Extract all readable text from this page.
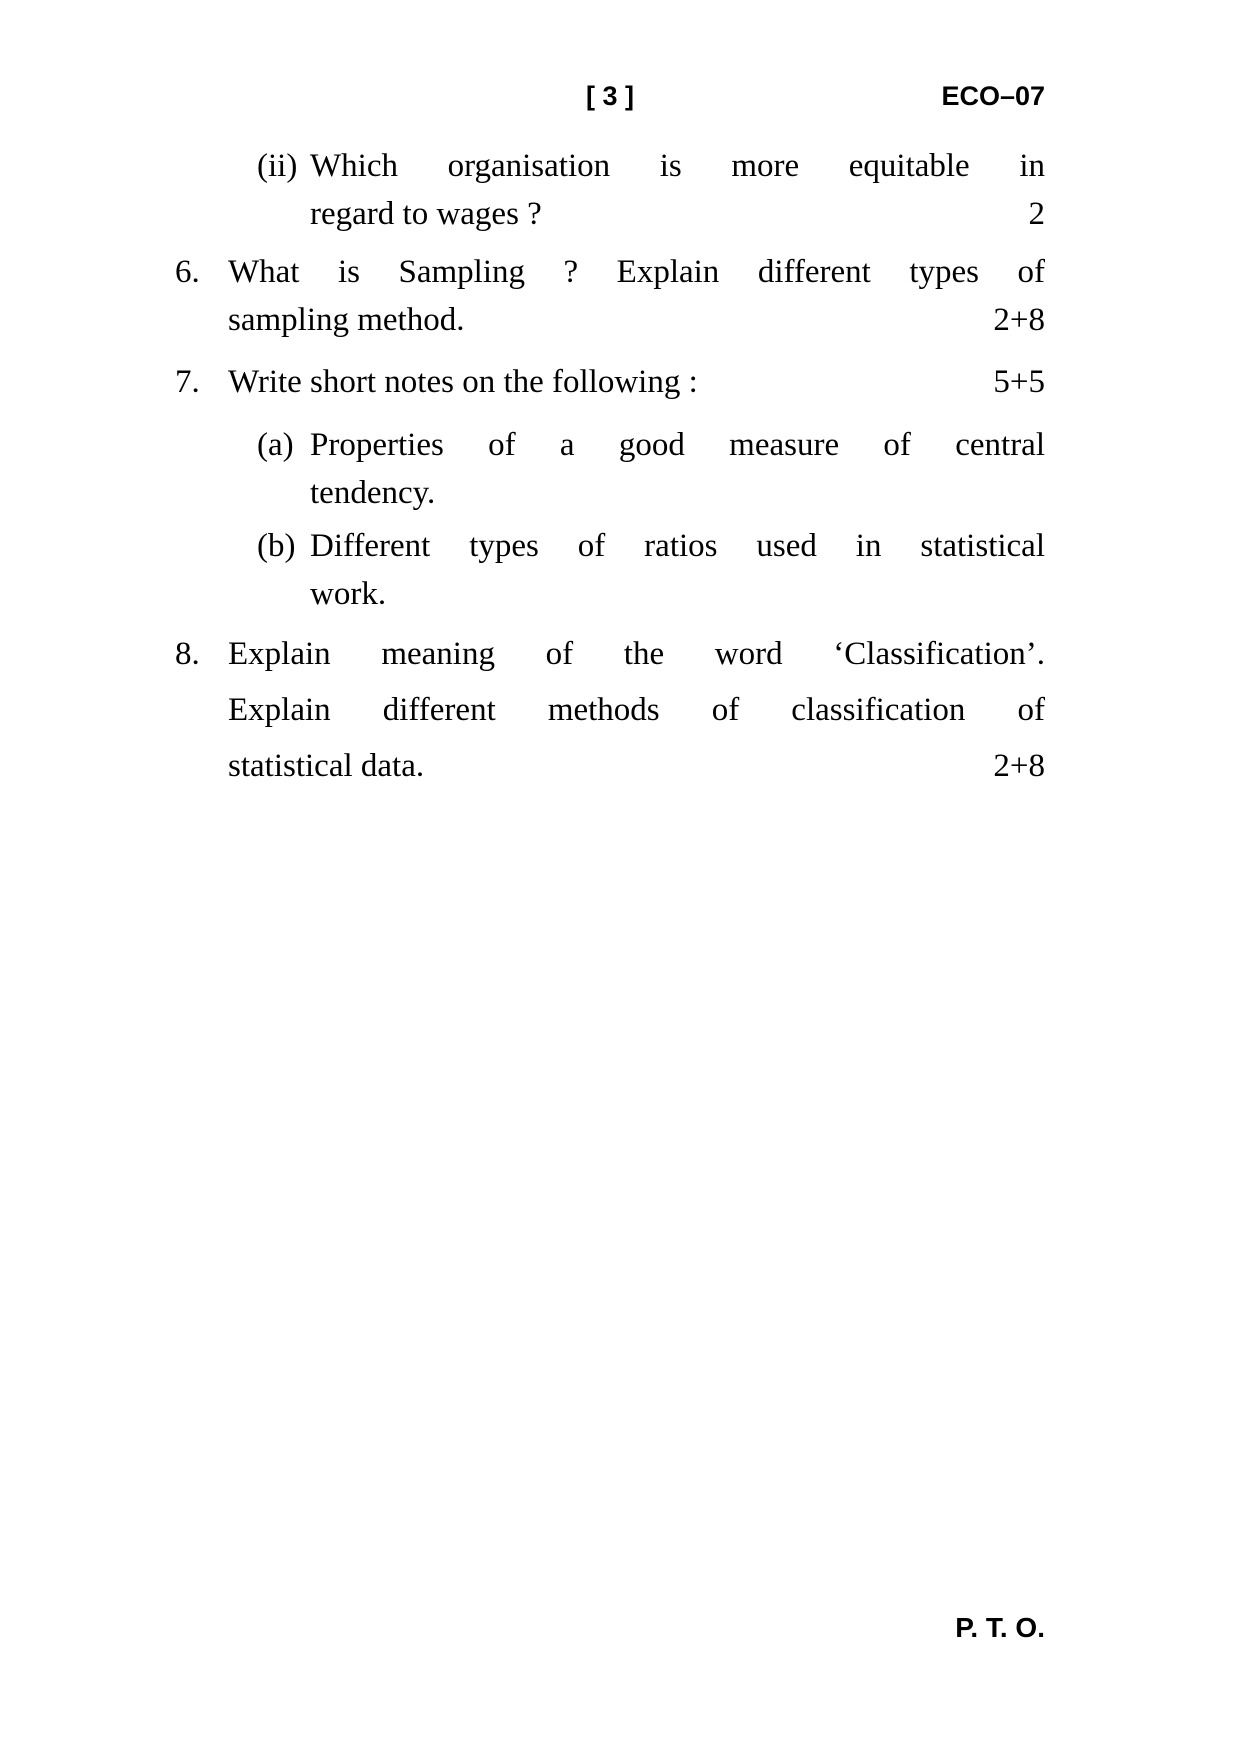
[ 3 ]	ECO–07
(ii) Which organisation is more equitable in
regard to wages ?	2
6. What is Sampling ? Explain different types of
sampling method.	2+8
7. Write short notes on the following :	5+5
(a) Properties of a good measure of central
tendency.
(b) Different types of ratios used in statistical
work.
8. Explain meaning of the word ‘Classification’.
Explain different methods of classification of
statistical data.	2+8
P. T. O.
